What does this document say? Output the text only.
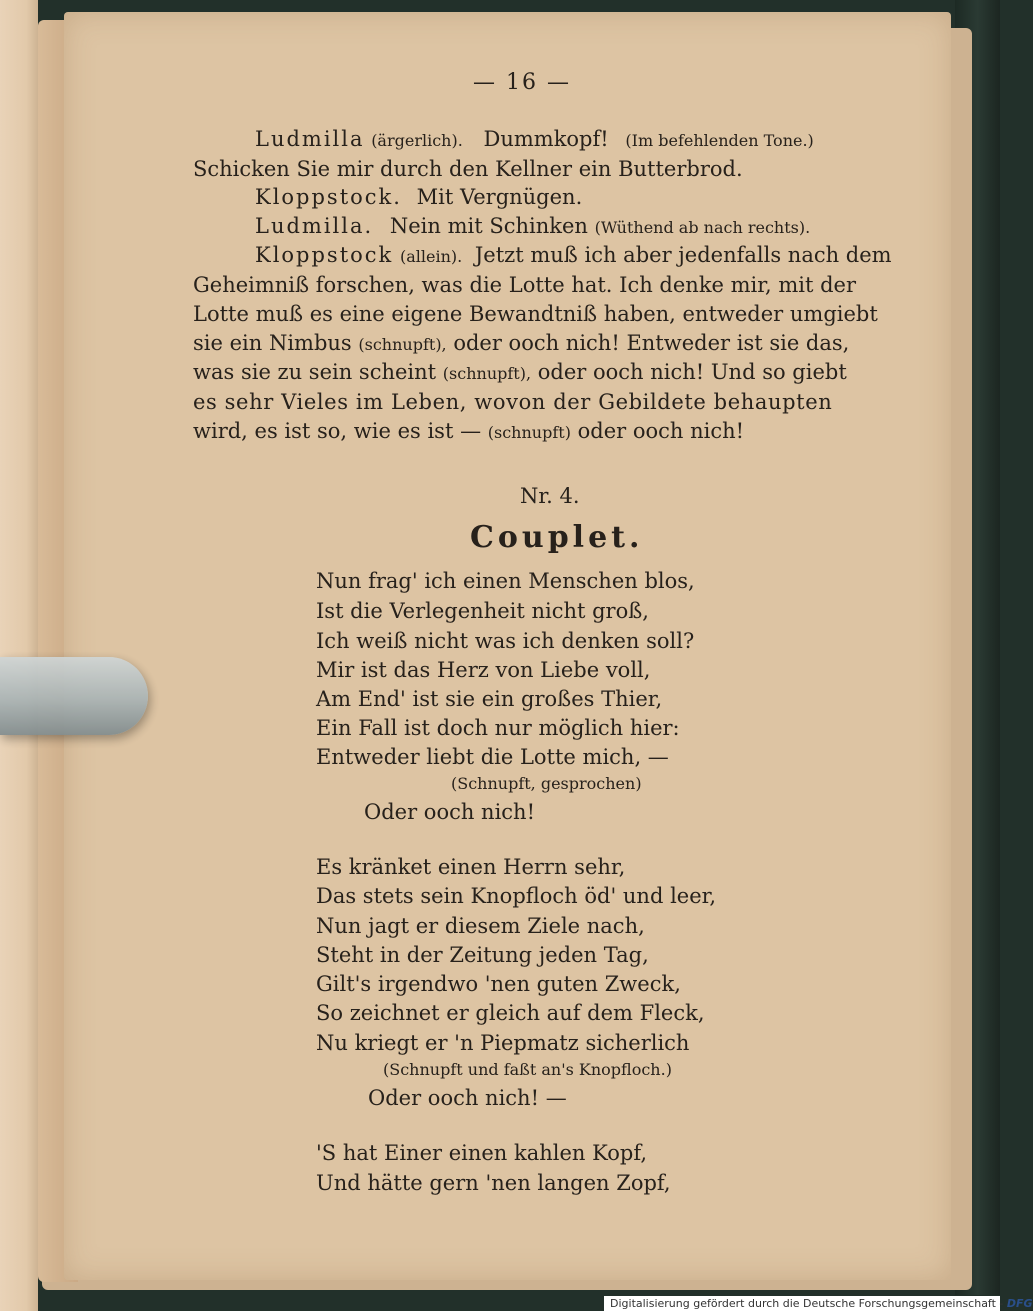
— 16 —
Ludmilla (ärgerlich). Dummkopf! (Im befehlenden Tone.)
Schicken Sie mir durch den Kellner ein Butterbrod.
Kloppstock. Mit Vergnügen.
Ludmilla. Nein mit Schinken (Wüthend ab nach rechts).
Kloppstock (allein). Jetzt muß ich aber jedenfalls nach dem
Geheimniß forschen, was die Lotte hat. Ich denke mir, mit der
Lotte muß es eine eigene Bewandtniß haben, entweder umgiebt
sie ein Nimbus (schnupft), oder ooch nich! Entweder ist sie das,
was sie zu sein scheint (schnupft), oder ooch nich! Und so giebt
es sehr Vieles im Leben, wovon der Gebildete behaupten
wird, es ist so, wie es ist — (schnupft) oder ooch nich!
Nr. 4.
Couplet.
Nun frag' ich einen Menschen blos,
Ist die Verlegenheit nicht groß,
Ich weiß nicht was ich denken soll?
Mir ist das Herz von Liebe voll,
Am End' ist sie ein großes Thier,
Ein Fall ist doch nur möglich hier:
Entweder liebt die Lotte mich, —
(Schnupft, gesprochen)
Oder ooch nich!
Es kränket einen Herrn sehr,
Das stets sein Knopfloch öd' und leer,
Nun jagt er diesem Ziele nach,
Steht in der Zeitung jeden Tag,
Gilt's irgendwo 'nen guten Zweck,
So zeichnet er gleich auf dem Fleck,
Nu kriegt er 'n Piepmatz sicherlich
(Schnupft und faßt an's Knopfloch.)
Oder ooch nich! —
'S hat Einer einen kahlen Kopf,
Und hätte gern 'nen langen Zopf,
Digitalisierung gefördert durch die Deutsche Forschungsgemeinschaft - DFG
